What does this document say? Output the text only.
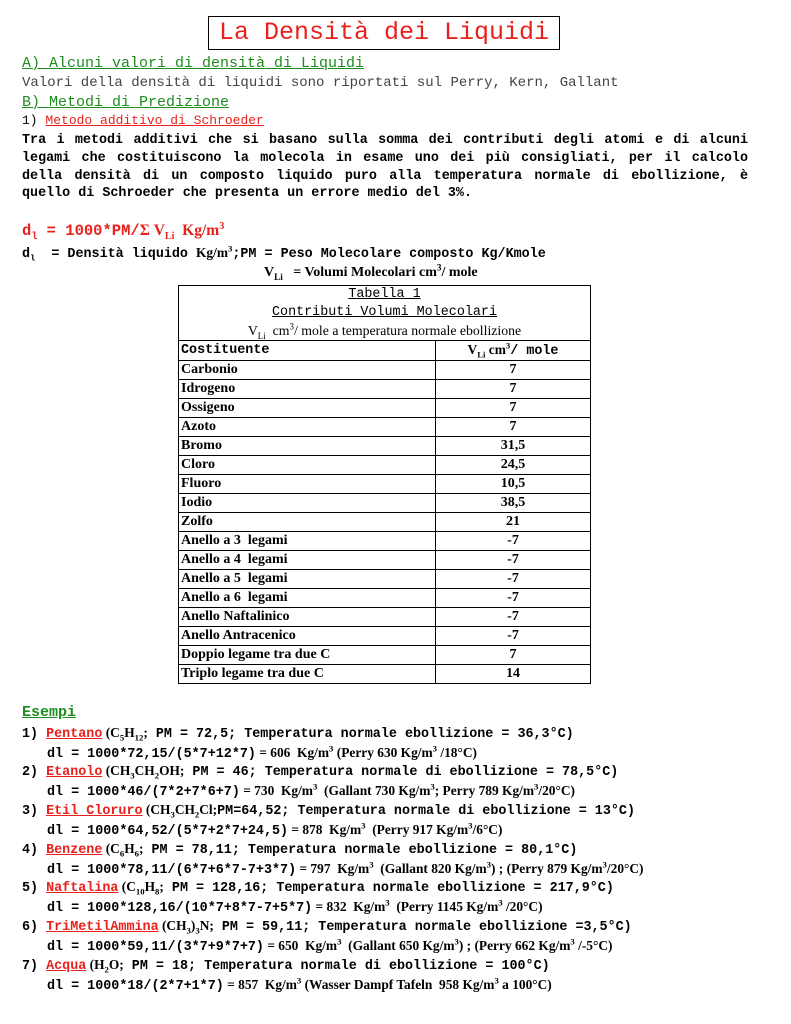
La Densità dei Liquidi
A) Alcuni valori di densità di Liquidi
Valori della densità di liquidi sono riportati sul Perry, Kern, Gallant
B) Metodi di Predizione
1) Metodo additivo di Schroeder
Tra i metodi additivi che si basano sulla somma dei contributi degli atomi e di alcuni legami che costituiscono la molecola in esame uno dei più consigliati, per il calcolo della densità di un composto liquido puro alla temperatura normale di ebollizione, è quello di Schroeder che presenta un errore medio del 3%.
$d_l = 1000*PM/\Sigma$ $V_{Li}$  $Kg/m^3$
$d_l$  = Densità liquido $Kg/m^3;PM$ = Peso Molecolare composto Kg/Kmole
$V_{Li}$   = Volumi Molecolari $cm^3/$ mole
Tabella 1	
Contributi Volumi Molecolari	
$V_{Li}$  $cm^3/$ mole a temperatura normale ebollizione	
Costituente	$V_{Li}$ $cm^3/$ mole
Carbonio	7
Idrogeno	7
Ossigeno	7
Azoto	7
Bromo	31,5
Cloro	24,5
Fluoro	10,5
Iodio	38,5
Zolfo	21
Anello a 3  legami	-7
Anello a 4  legami	-7
Anello a 5  legami	-7
Anello a 6  legami	-7
Anello Naftalinico	-7
Anello Antracenico	-7
Doppio legame tra due C	7
Triplo legame tra due C	14
Esempi
1) Pentano ($C_5H_{12}$; PM = 72,5; Temperatura normale ebollizione = 36,3°C)
dl = 1000*72,15/(5*7+12*7) = 606  $Kg/m^3$ (Perry 630 $Kg/m^3$ /18°C)
2) Etanolo ($CH_3CH_2OH$; PM = 46; Temperatura normale di ebollizione = 78,5°C)
dl = 1000*46/(7*2+7*6+7) = 730  $Kg/m^3$  (Gallant 730 $Kg/m^3$; Perry 789 $Kg/m^3/20^\circ C$)
3) Etil Cloruro ($CH_3CH_2Cl;PM=64,52$; Temperatura normale di ebollizione = 13°C)
dl = 1000*64,52/(5*7+2*7+24,5) = 878  $Kg/m^3$  (Perry 917 $Kg/m^3/6^\circ C$)
4) Benzene ($C_6H_6$; PM = 78,11; Temperatura normale ebollizione = 80,1°C)
dl = 1000*78,11/(6*7+6*7-7+3*7) = 797  $Kg/m^3$  (Gallant 820 $Kg/m^3$) ; (Perry 879 $Kg/m^3/20^\circ C$)
5) Naftalina ($C_{10}H_8$; PM = 128,16; Temperatura normale ebollizione = 217,9°C)
dl = 1000*128,16/(10*7+8*7-7+5*7) = 832  $Kg/m^3$  (Perry 1145 $Kg/m^3$ /20°C)
6) TriMetilAmmina $(CH_3)_3N$; PM = 59,11; Temperatura normale ebollizione =3,5°C)
dl = 1000*59,11/(3*7+9*7+7) = 650  $Kg/m^3$  (Gallant 650 $Kg/m^3$) ; (Perry 662 $Kg/m^3$ /-5°C)
7) Acqua ($H_2O$; PM = 18; Temperatura normale di ebollizione = 100°C)
dl = 1000*18/(2*7+1*7) = 857  $Kg/m^3$ (Wasser Dampf Tafeln  958 $Kg/m^3$ a 100°C)
